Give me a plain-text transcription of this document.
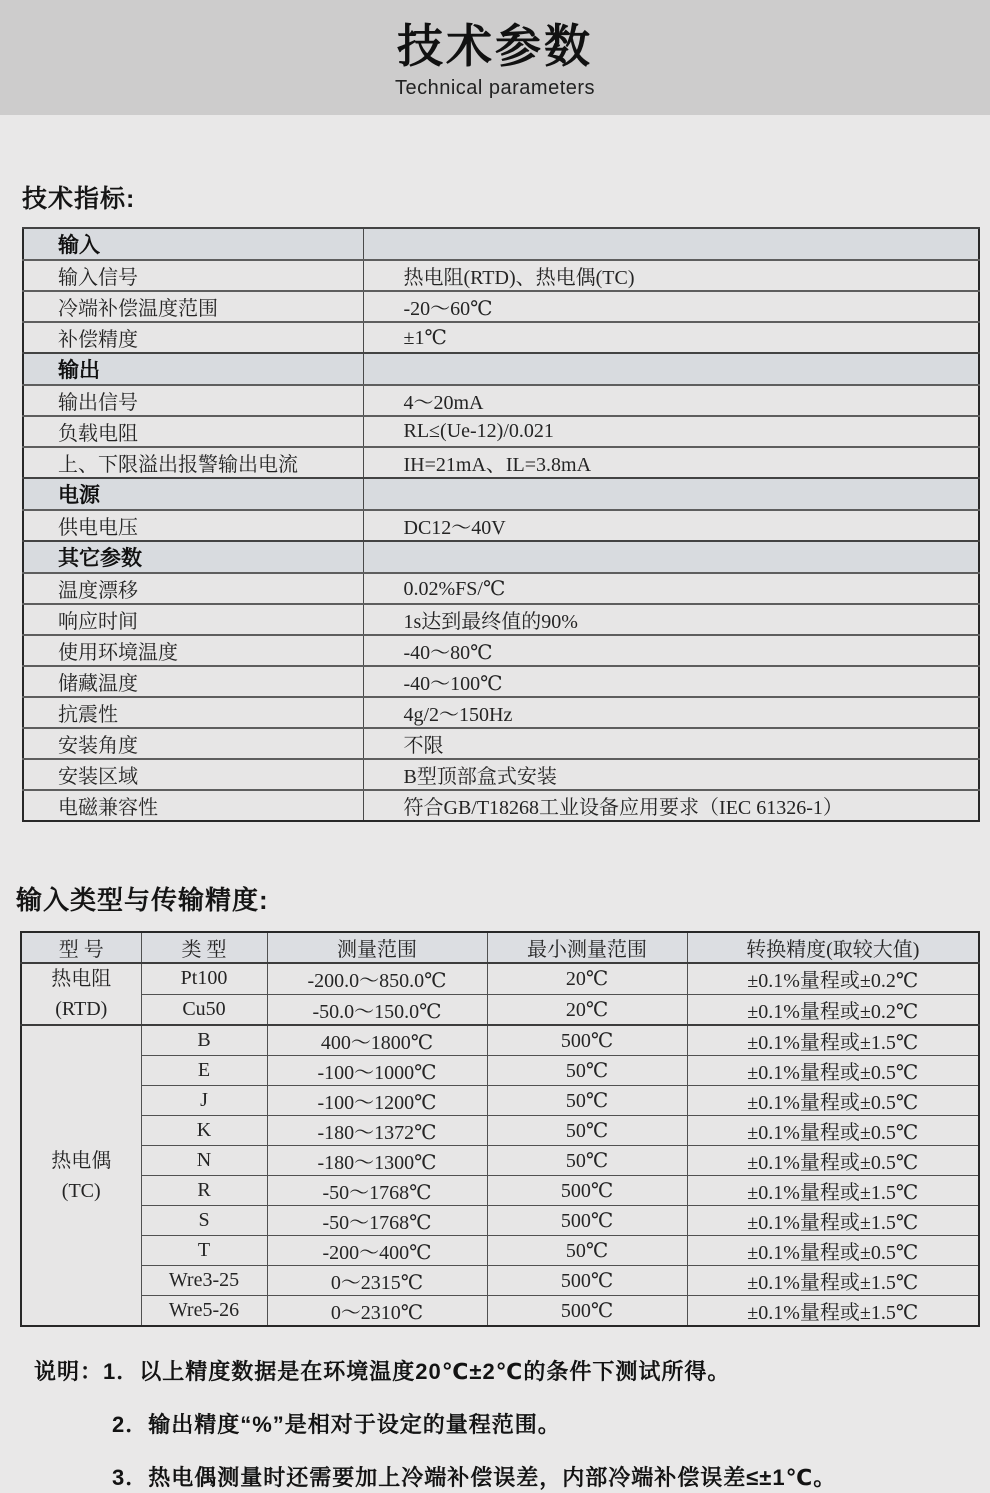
技术参数
Technical parameters
技术指标:
输入	
输入信号	热电阻(RTD)、热电偶(TC)
冷端补偿温度范围	-20～60℃
补偿精度	±1℃
输出	
输出信号	4～20mA
负载电阻	RL≤(Ue-12)/0.021
上、下限溢出报警输出电流	IH=21mA、IL=3.8mA
电源	
供电电压	DC12～40V
其它参数	
温度漂移	0.02%FS/℃
响应时间	1s达到最终值的90%
使用环境温度	-40～80℃
储藏温度	-40～100℃
抗震性	4g/2～150Hz
安装角度	不限
安装区域	B型顶部盒式安装
电磁兼容性	符合GB/T18268工业设备应用要求（IEC 61326-1）
输入类型与传输精度:
型 号	类 型	测量范围	最小测量范围	转换精度(取较大值)

热电阻
(RTD)	Pt100	-200.0～850.0℃	20℃	±0.1%量程或±0.2℃
	Cu50	-50.0～150.0℃	20℃	±0.1%量程或±0.2℃

热电偶
(TC)	B	400～1800℃	500℃	±0.1%量程或±1.5℃
	E	-100～1000℃	50℃	±0.1%量程或±0.5℃
	J	-100～1200℃	50℃	±0.1%量程或±0.5℃
	K	-180～1372℃	50℃	±0.1%量程或±0.5℃
	N	-180～1300℃	50℃	±0.1%量程或±0.5℃
	R	-50～1768℃	500℃	±0.1%量程或±1.5℃
	S	-50～1768℃	500℃	±0.1%量程或±1.5℃
	T	-200～400℃	50℃	±0.1%量程或±0.5℃
	Wre3-25	0～2315℃	500℃	±0.1%量程或±1.5℃
	Wre5-26	0～2310℃	500℃	±0.1%量程或±1.5℃
说明：1．以上精度数据是在环境温度20℃±2℃的条件下测试所得。
2．输出精度“%”是相对于设定的量程范围。
3．热电偶测量时还需要加上冷端补偿误差，内部冷端补偿误差≤±1℃。
